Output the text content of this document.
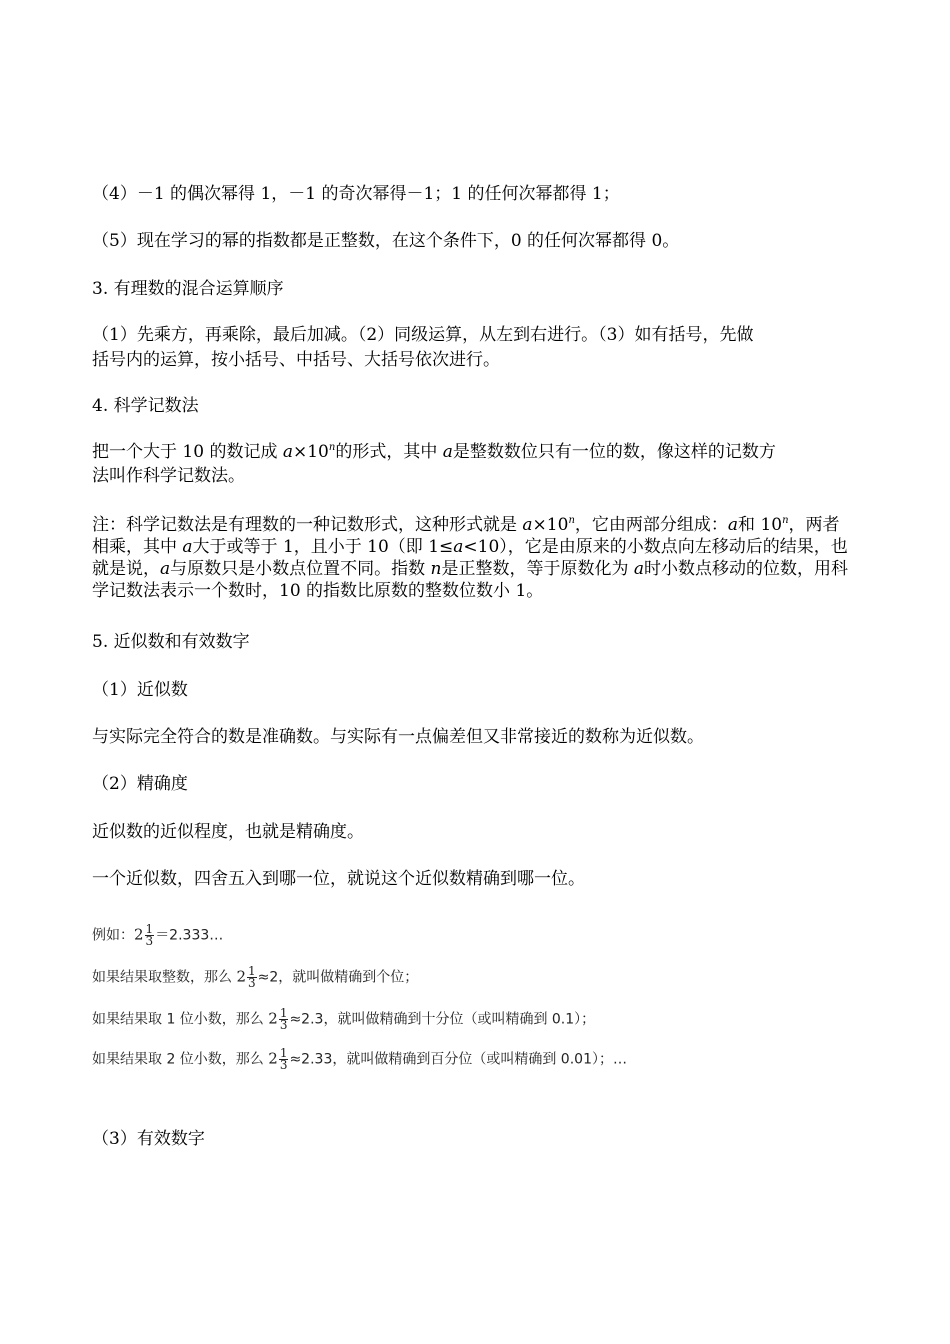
（4）－1 的偶次幂得 1，－1 的奇次幂得－1；1 的任何次幂都得 1；
（5）现在学习的幂的指数都是正整数，在这个条件下，0 的任何次幂都得 0。
3. 有理数的混合运算顺序
（1）先乘方，再乘除，最后加减。（2）同级运算，从左到右进行。（3）如有括号，先做
括号内的运算，按小括号、中括号、大括号依次进行。
4. 科学记数法
把一个大于 10 的数记成 $a\times 10^n$的形式，其中 a是整数数位只有一位的数，像这样的记数方
法叫作科学记数法。
注：科学记数法是有理数的一种记数形式，这种形式就是 $a\times 10^n$，它由两部分组成：a和 10$^n$，两者相乘，其中 a大于或等于 1，且小于 10（即 1≤a<10），它是由原来的小数点向左移动后的结果，也就是说，a与原数只是小数点位置不同。指数 n是正整数，等于原数化为 a时小数点移动的位数，用科学记数法表示一个数时，10 的指数比原数的整数位数小 1。
5. 近似数和有效数字
（1）近似数
与实际完全符合的数是准确数。与实际有一点偏差但又非常接近的数称为近似数。
（2）精确度
近似数的近似程度，也就是精确度。
一个近似数，四舍五入到哪一位，就说这个近似数精确到哪一位。
例如：$2 \frac{1}{3}$ ＝2.333…
如果结果取整数，那么 $2 \frac{1}{3} \approx 2$，就叫做精确到个位；
如果结果取 1 位小数，那么 $2 \frac{1}{3} \approx 2.3$，就叫做精确到十分位（或叫精确到 0.1）；
如果结果取 2 位小数，那么 $2 \frac{1}{3} \approx 2.33$，就叫做精确到百分位（或叫精确到 0.01）；…
（3）有效数字
